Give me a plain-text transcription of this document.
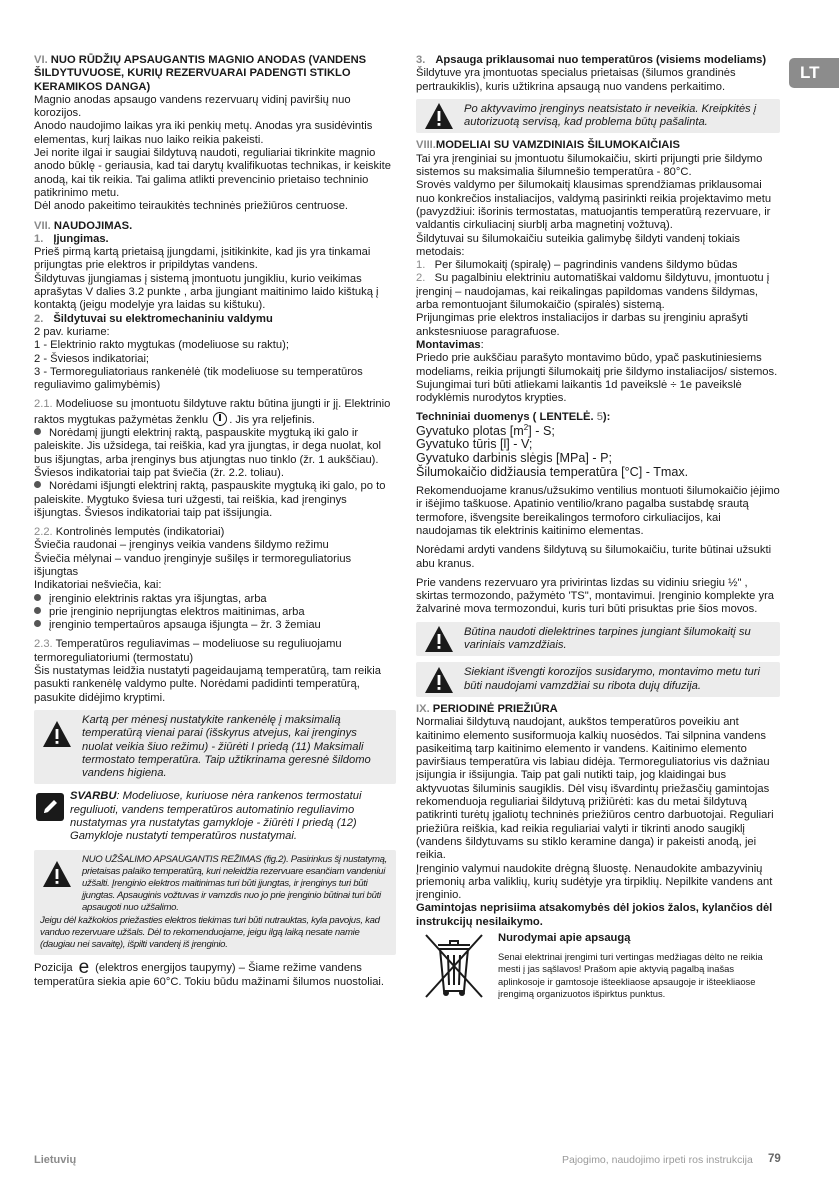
LT

VI. NUO RŪDŽIŲ APSAUGANTIS MAGNIO ANODAS (VANDENS ŠILDYTUVUOSE, KURIŲ REZERVUARAI PADENGTI STIKLO KERAMIKOS DANGA)

Magnio anodas apsaugo vandens rezervuarų vidinį paviršių nuo korozijos.

Anodo naudojimo laikas yra iki penkių metų. Anodas yra susidėvintis elementas, kurį laikas nuo laiko reikia pakeisti.

Jei norite ilgai ir saugiai šildytuvą naudoti, reguliariai tikrinkite magnio anodo būklę - geriausia, kad tai darytų kvalifikuotas technikas, ir keiskite anodą, kai tik reikia. Tai galima atlikti prevencinio prietaiso techninio patikrinimo metu.

Dėl anodo pakeitimo teiraukitės techninės priežiūros centruose.

VII. NAUDOJIMAS.

1. Įjungimas.

Prieš pirmą kartą prietaisą įjungdami, įsitikinkite, kad jis yra tinkamai prijungtas prie elektros ir pripildytas vandens.

Šildytuvas įjungiamas į sistemą įmontuotu jungikliu, kurio veikimas aprašytas V dalies 3.2 punkte , arba įjungiant maitinimo laido kištuką į kontaktą (jeigu modelyje yra laidas su kištuku).

2. Šildytuvai su elektromechaniniu valdymu

2 pav. kuriame:

1 - Elektrinio rakto mygtukas (modeliuose su raktu);

2 - Šviesos indikatoriai;

3 - Termoreguliatoriaus rankenėlė (tik modeliuose su temperatūros reguliavimo galimybėmis)

2.1. Modeliuose su įmontuotu šildytuve raktu būtina įjungti ir jį. Elektrinio raktos mygtukas pažymėtas ženklu . Jis yra reljefinis.

Norėdamį įjungti elektrinį raktą, paspauskite mygtuką iki galo ir paleiskite. Jis užsidega, tai reiškia, kad yra įjungtas, ir dega nuolat, kol bus išjungtas, arba įrenginys bus atjungtas nuo tinklo (žr. 1 aukščiau). Šviesos indikatoriai taip pat šviečia (žr. 2.2. toliau).

Norėdami išjungti elektrinį raktą, paspauskite mygtuką iki galo, po to paleiskite. Mygtuko šviesa turi užgesti, tai reiškia, kad įrenginys išjungtas. Šviesos indikatoriai taip pat išsijungia.

2.2. Kontrolinės lemputės (indikatoriai)

Šviečia raudonai – įrenginys veikia vandens šildymo režimu

Šviečia mėlynai – vanduo įrenginyje sušilęs ir termoreguliatorius išjungtas

Indikatoriai nešviečia, kai:

įrenginio elektrinis raktas yra išjungtas, arba

prie įrenginio neprijungtas elektros maitinimas, arba

įrenginio tempertaūros apsauga išjungta – žr. 3 žemiau

2.3. Temperatūros reguliavimas – modeliuose su reguliuojamu termoreguliatoriumi (termostatu)

Šis nustatymas leidžia nustatyti pageidaujamą temperatūrą, tam reikia pasukti rankenėlę valdymo pulte. Norėdami padidinti temperatūrą, pasukite didėjimo kryptimi.

Kartą per mėnesį nustatykite rankenėlę į maksimalią temperatūrą vienai parai (išskyrus atvejus, kai įrenginys nuolat veikia šiuo režimu) - žiūrėti I priedą (11) Maksimali termostato temperatūra. Taip užtikrinama geresnė šildomo vandens higiena.

SVARBU: Modeliuose, kuriuose nėra rankenos termostatui reguliuoti, vandens temperatūros automatinio reguliavimo nustatymas yra nustatytas gamykloje - žiūrėti I priedą (12) Gamykloje nustatyti temperatūros nustatymai.

NUO UŽŠALIMO APSAUGANTIS REŽIMAS (fig.2). Pasirinkus šį nustatymą, prietaisas palaiko temperatūrą, kuri neleidžia rezervuare esančiam vandeniui užšalti. Įrenginio elektros maitinimas turi būti įjungtas, ir įrenginys turi būti įjungtas. Apsauginis vožtuvas ir vamzdis nuo jo prie įrenginio būtinai turi būti apsaugoti nuo užšalimo.

Jeigu dėl kažkokios priežasties elektros tiekimas turi būti nutrauktas, kyla pavojus, kad vanduo rezervuare užšals. Dėl to rekomenduojame, jeigu ilgą laiką nesate namie (daugiau nei savaitę), išpilti vandenį iš įrenginio.

Pozicija e (elektros energijos taupymy) – Šiame režime vandens temperatūra siekia apie 60°C. Tokiu būdu mažinami šilumos nuostoliai.

3. Apsauga priklausomai nuo temperatūros (visiems modeliams)

Šildytuve yra įmontuotas specialus prietaisas (šilumos grandinės pertraukiklis), kuris užtikrina apsaugą nuo vandens perkaitimo.

Po aktyvavimo įrenginys neatsistato ir neveikia. Kreipkitės į autorizuotą servisą, kad problema būtų pašalinta.

VIII.MODELIAI SU VAMZDINIAIS ŠILUMOKAIČIAIS

Tai yra įrenginiai su įmontuotu šilumokaičiu, skirti prijungti prie šildymo sistemos su maksimalia šilumnešio temperatūra - 80°C.

Srovės valdymo per šilumokaitį klausimas sprendžiamas priklausomai nuo konkrečios instaliacijos, valdymą pasirinkti reikia projektavimo metu (pavyzdžiui: išorinis termostatas, matuojantis temperatūrą rezervuare, ir valdantis cirkuliacinį siurblį arba magnetinį vožtuvą).

Šildytuvai su šilumokaičiu suteikia galimybę šildyti vandenį tokiais metodais:

1. Per šilumokaitį (spiralę) – pagrindinis vandens šildymo būdas

2. Su pagalbiniu elektriniu automatiškai valdomu šildytuvu, įmontuotu į įrenginį – naudojamas, kai reikalingas papildomas vandens šildymas, arba remontuojant šilumokaičio (spiralės) sistemą.

Prijungimas prie elektros instaliacijos ir darbas su įrenginiu aprašyti ankstesniuose paragrafuose.

Montavimas:

Priedo prie aukščiau parašyto montavimo būdo, ypač paskutiniesiems modeliams, reikia prijungti šilumokaitį prie šildymo instaliacijos/ sistemos. Sujungimai turi būti atliekami laikantis 1d paveikslė ÷ 1e paveikslė rodyklėmis nurodytos krypties.

Techniniai duomenys ( LENTELĖ. 5):

Gyvatuko plotas $[m^2]$ - S;

Gyvatuko tūris [l] - V;

Gyvatuko darbinis slėgis [MPa] - P;

Šilumokaičio didžiausia temperatūra [°C] - Tmax.

Rekomenduojame kranus/užsukimo ventilius montuoti šilumokaičio įėjimo ir išėjimo taškuose. Apatinio ventilio/krano pagalba sustabdę srautą termofore, išvengsite bereikalingos termoforo cirkuliacijos, kai naudojamas tik elektrinis kaitinimo elementas.

Norėdami ardyti vandens šildytuvą su šilumokaičiu, turite būtinai užsukti abu kranus.

Prie vandens rezervuaro yra privirintas lizdas su vidiniu sriegiu ½" , skirtas termozondo, pažymėto 'TS", montavimui. Įrenginio komplekte yra žalvarinė mova termozondui, kuris turi būti prisuktas prie šios movos.

Būtina naudoti dielektrines tarpines jungiant šilumokaitį su variniais vamzdžiais.

Siekiant išvengti korozijos susidarymo, montavimo metu turi būti naudojami vamzdžiai su ribota dujų difuzija.

IX. PERIODINĖ PRIEŽIŪRA

Normaliai šildytuvą naudojant, aukštos temperatūros poveikiu ant kaitinimo elemento susiformuoja kalkių nuosėdos. Tai silpnina vandens pasikeitimą tarp kaitinimo elemento ir vandens. Kaitinimo elemento paviršiaus temperatūra vis labiau didėja. Termoreguliatorius vis dažniau įsijungia ir išsijungia. Taip pat gali nutikti taip, jog klaidingai bus aktyvuotas šiluminis saugiklis. Dėl visų išvardintų priežasčių gamintojas rekomenduoja reguliariai šildytuvą prižiūrėti: kas du metai šildytuvą patikrinti turėtų įgaliotų techninės priežiūros centro darbuotojai. Reguliari priežiūra reiškia, kad reikia reguliariai valyti ir tikrinti anodo saugiklį (vandens šildytuvams su stiklo keramine danga) ir pakeisti anodą, jei reikia.

Įrenginio valymui naudokite drėgną šluostę. Nenaudokite ambazyvinių priemonių arba valiklių, kurių sudėtyje yra tirpiklių. Nepilkite vandens ant įrenginio.

Gamintojas neprisiima atsakomybės dėl jokios žalos, kylančios dėl instrukcijų nesilaikymo.

Nurodymai apie apsaugą

Senai elektrinai įrengimi turi vertingas medžiagas dėlto ne reikia mesti į jas sąšlavos! Prašom apie aktyvią pagalbą inašas aplinkosoje ir gamtosoje išteekliaose apsaugoje ir išteekliaose įrengimą organizuotos išpirktus punktus.

Lietuvių	Pajogimo, naudojimo irpeti ros instrukcija 79
